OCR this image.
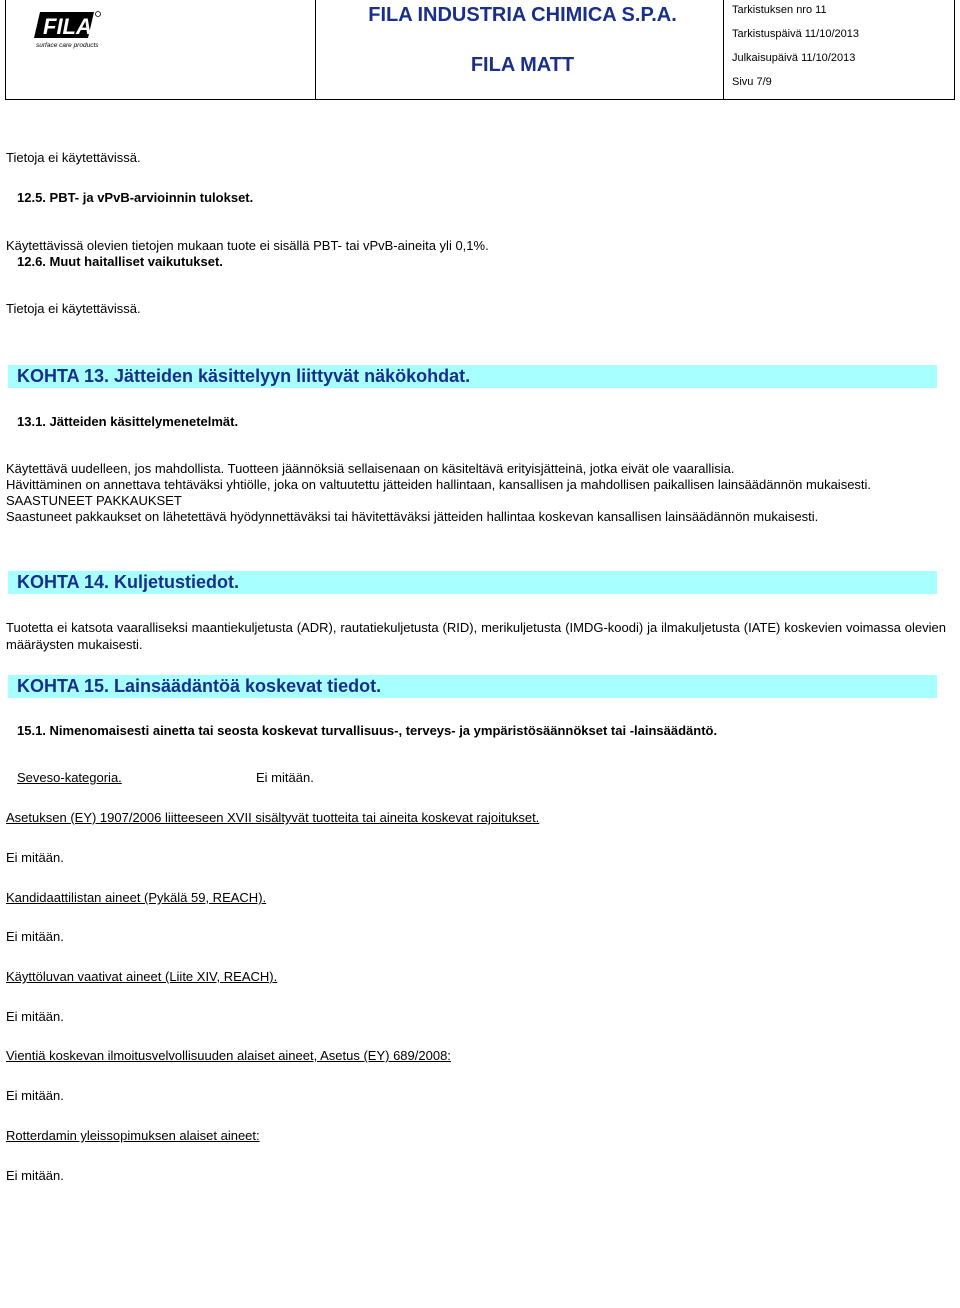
FILA
surface care products
FILA INDUSTRIA CHIMICA S.P.A.
FILA MATT
Tarkistuksen nro 11
Tarkistuspäivä 11/10/2013
Julkaisupäivä 11/10/2013
Sivu 7/9
Tietoja ei käytettävissä.
12.5. PBT- ja vPvB-arvioinnin tulokset.
Käytettävissä olevien tietojen mukaan tuote ei sisällä PBT- tai vPvB-aineita yli 0,1%.
12.6. Muut haitalliset vaikutukset.
Tietoja ei käytettävissä.
KOHTA 13. Jätteiden käsittelyyn liittyvät näkökohdat.
13.1. Jätteiden käsittelymenetelmät.
Käytettävä uudelleen, jos mahdollista. Tuotteen jäännöksiä sellaisenaan on käsiteltävä erityisjätteinä, jotka eivät ole vaarallisia.
Hävittäminen on annettava tehtäväksi yhtiölle, joka on valtuutettu jätteiden hallintaan, kansallisen ja mahdollisen paikallisen lainsäädännön mukaisesti.
SAASTUNEET PAKKAUKSET
Saastuneet pakkaukset on lähetettävä hyödynnettäväksi tai hävitettäväksi jätteiden hallintaa koskevan kansallisen lainsäädännön mukaisesti.
KOHTA 14. Kuljetustiedot.
Tuotetta ei katsota vaaralliseksi maantiekuljetusta (ADR), rautatiekuljetusta (RID), merikuljetusta (IMDG-koodi) ja ilmakuljetusta (IATE) koskevien voimassa olevien määräysten mukaisesti.
KOHTA 15. Lainsäädäntöä koskevat tiedot.
15.1. Nimenomaisesti ainetta tai seosta koskevat turvallisuus-, terveys- ja ympäristösäännökset tai -lainsäädäntö.
Seveso-kategoria.	Ei mitään.
Asetuksen (EY) 1907/2006 liitteeseen XVII sisältyvät tuotteita tai aineita koskevat rajoitukset.
Ei mitään.
Kandidaattilistan aineet (Pykälä 59, REACH).
Ei mitään.
Käyttöluvan vaativat aineet (Liite XIV, REACH).
Ei mitään.
Vientiä koskevan ilmoitusvelvollisuuden alaiset aineet, Asetus (EY) 689/2008:
Ei mitään.
Rotterdamin yleissopimuksen alaiset aineet:
Ei mitään.
